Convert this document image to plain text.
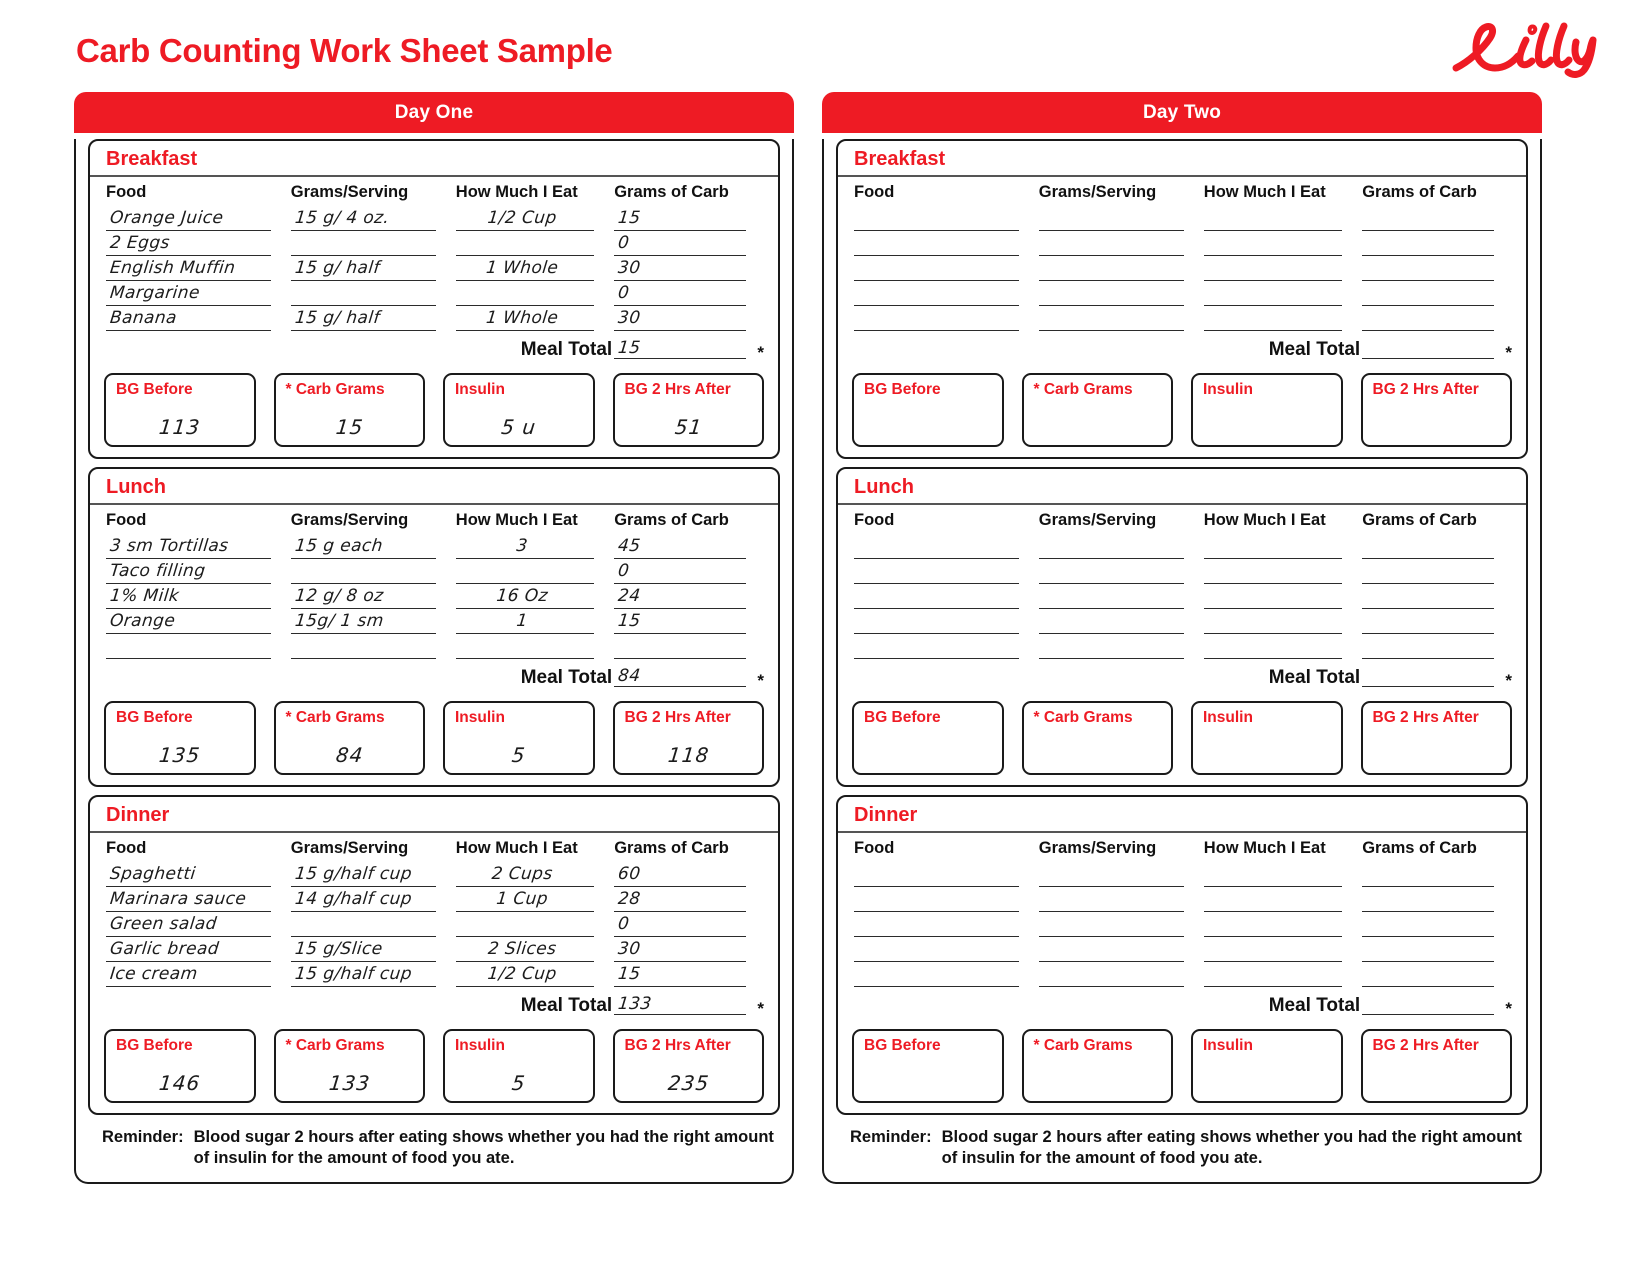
Carb Counting Work Sheet Sample
Day One
Breakfast
Food	Grams/Serving	How Much I Eat	Grams of Carb

Orange Juice	15 g/ 4 oz.	1/2 Cup	15

2 Eggs			0

English Muffin	15 g/ half	1 Whole	30

Margarine			0

Banana	15 g/ half	1 Whole	30

		Meal Total	15 *
BG Before
113
* Carb Grams
15
Insulin
5 u
BG 2 Hrs After
51
Lunch
Food	Grams/Serving	How Much I Eat	Grams of Carb

3 sm Tortillas	15 g each	3	45

Taco filling			0

1% Milk	12 g/ 8 oz	16 Oz	24

Orange	15g/ 1 sm	1	15

		Meal Total	84 *
BG Before
135
* Carb Grams
84
Insulin
5
BG 2 Hrs After
118
Dinner
Food	Grams/Serving	How Much I Eat	Grams of Carb

Spaghetti	15 g/half cup	2 Cups	60

Marinara sauce	14 g/half cup	1 Cup	28

Green salad			0

Garlic bread	15 g/Slice	2 Slices	30

Ice cream	15 g/half cup	1/2 Cup	15

		Meal Total	133 *
BG Before
146
* Carb Grams
133
Insulin
5
BG 2 Hrs After
235
Reminder: Blood sugar 2 hours after eating shows whether you had the right amount of insulin for the amount of food you ate.
Day Two
Breakfast
Food	Grams/Serving	How Much I Eat	Grams of Carb

		Meal Total	*
BG Before	* Carb Grams	Insulin	BG 2 Hrs After
Lunch
Food	Grams/Serving	How Much I Eat	Grams of Carb

		Meal Total	*
BG Before	* Carb Grams	Insulin	BG 2 Hrs After
Dinner
Food	Grams/Serving	How Much I Eat	Grams of Carb

		Meal Total	*
BG Before	* Carb Grams	Insulin	BG 2 Hrs After
Reminder: Blood sugar 2 hours after eating shows whether you had the right amount of insulin for the amount of food you ate.
